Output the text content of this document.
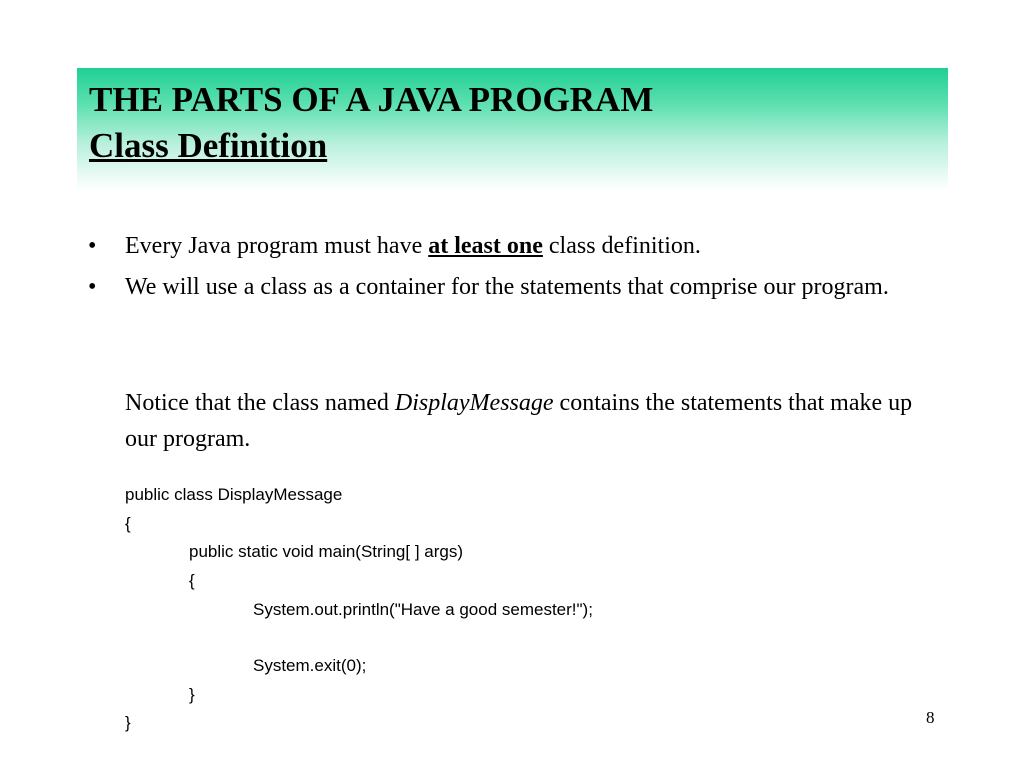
THE PARTS OF A JAVA PROGRAM
Class Definition
• Every Java program must have at least one class definition.
• We will use a class as a container for the statements that comprise our program.
Notice that the class named DisplayMessage contains the statements that make up our program.
public class DisplayMessage
{
public static void main(String[ ] args)
{
System.out.println("Have a good semester!");
System.exit(0);
}
}	8
